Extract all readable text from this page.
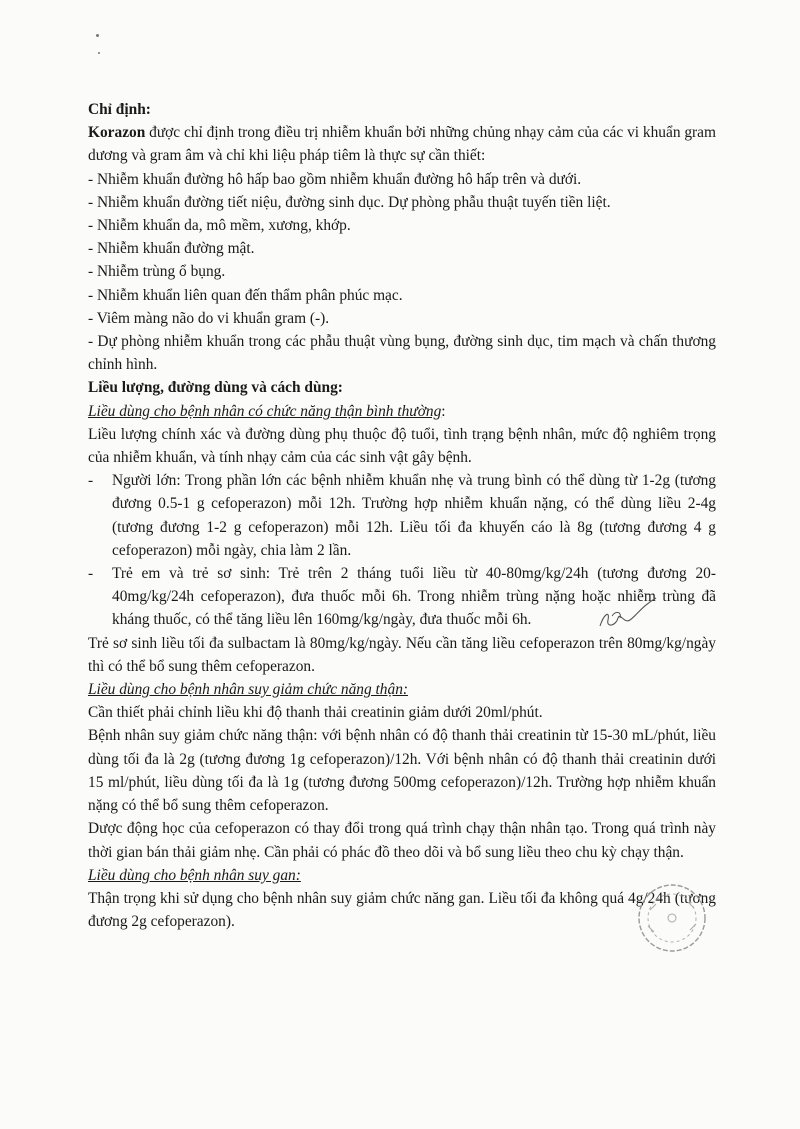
Chỉ định:

Korazon được chỉ định trong điều trị nhiễm khuẩn bởi những chủng nhạy cảm của các vi khuẩn gram dương và gram âm và chỉ khi liệu pháp tiêm là thực sự cần thiết:

- Nhiễm khuẩn đường hô hấp bao gồm nhiễm khuẩn đường hô hấp trên và dưới.

- Nhiễm khuẩn đường tiết niệu, đường sinh dục. Dự phòng phẫu thuật tuyến tiền liệt.

- Nhiễm khuẩn da, mô mềm, xương, khớp.

- Nhiễm khuẩn đường mật.

- Nhiễm trùng ổ bụng.

- Nhiễm khuẩn liên quan đến thẩm phân phúc mạc.

- Viêm màng não do vi khuẩn gram (-).

- Dự phòng nhiễm khuẩn trong các phẫu thuật vùng bụng, đường sinh dục, tim mạch và chấn thương chỉnh hình.

Liều lượng, đường dùng và cách dùng:
Liều dùng cho bệnh nhân có chức năng thận bình thường:

Liều lượng chính xác và đường dùng phụ thuộc độ tuổi, tình trạng bệnh nhân, mức độ nghiêm trọng của nhiễm khuẩn, và tính nhạy cảm của các sinh vật gây bệnh.

- Người lớn: Trong phần lớn các bệnh nhiễm khuẩn nhẹ và trung bình có thể dùng từ 1-2g (tương đương 0.5-1 g cefoperazon) mỗi 12h. Trường hợp nhiễm khuẩn nặng, có thể dùng liều 2-4g (tương đương 1-2 g cefoperazon) mỗi 12h. Liều tối đa khuyến cáo là 8g (tương đương 4 g cefoperazon) mỗi ngày, chia làm 2 lần.
- Trẻ em và trẻ sơ sinh: Trẻ trên 2 tháng tuổi liều từ 40-80mg/kg/24h (tương đương 20-40mg/kg/24h cefoperazon), đưa thuốc mỗi 6h. Trong nhiễm trùng nặng hoặc nhiễm trùng đã kháng thuốc, có thể tăng liều lên 160mg/kg/ngày, đưa thuốc mỗi 6h.

Trẻ sơ sinh liều tối đa sulbactam là 80mg/kg/ngày. Nếu cần tăng liều cefoperazon trên 80mg/kg/ngày thì có thể bổ sung thêm cefoperazon.

Liều dùng cho bệnh nhân suy giảm chức năng thận:

Cần thiết phải chỉnh liều khi độ thanh thải creatinin giảm dưới 20ml/phút.

Bệnh nhân suy giảm chức năng thận: với bệnh nhân có độ thanh thải creatinin từ 15-30 mL/phút, liều dùng tối đa là 2g (tương đương 1g cefoperazon)/12h. Với bệnh nhân có độ thanh thải creatinin dưới 15 ml/phút, liều dùng tối đa là 1g (tương đương 500mg cefoperazon)/12h. Trường hợp nhiễm khuẩn nặng có thể bổ sung thêm cefoperazon.

Dược động học của cefoperazon có thay đổi trong quá trình chạy thận nhân tạo. Trong quá trình này thời gian bán thải giảm nhẹ. Cần phải có phác đồ theo dõi và bổ sung liều theo chu kỳ chạy thận.

Liều dùng cho bệnh nhân suy gan:

Thận trọng khi sử dụng cho bệnh nhân suy giảm chức năng gan. Liều tối đa không quá 4g/24h (tương đương 2g cefoperazon).
